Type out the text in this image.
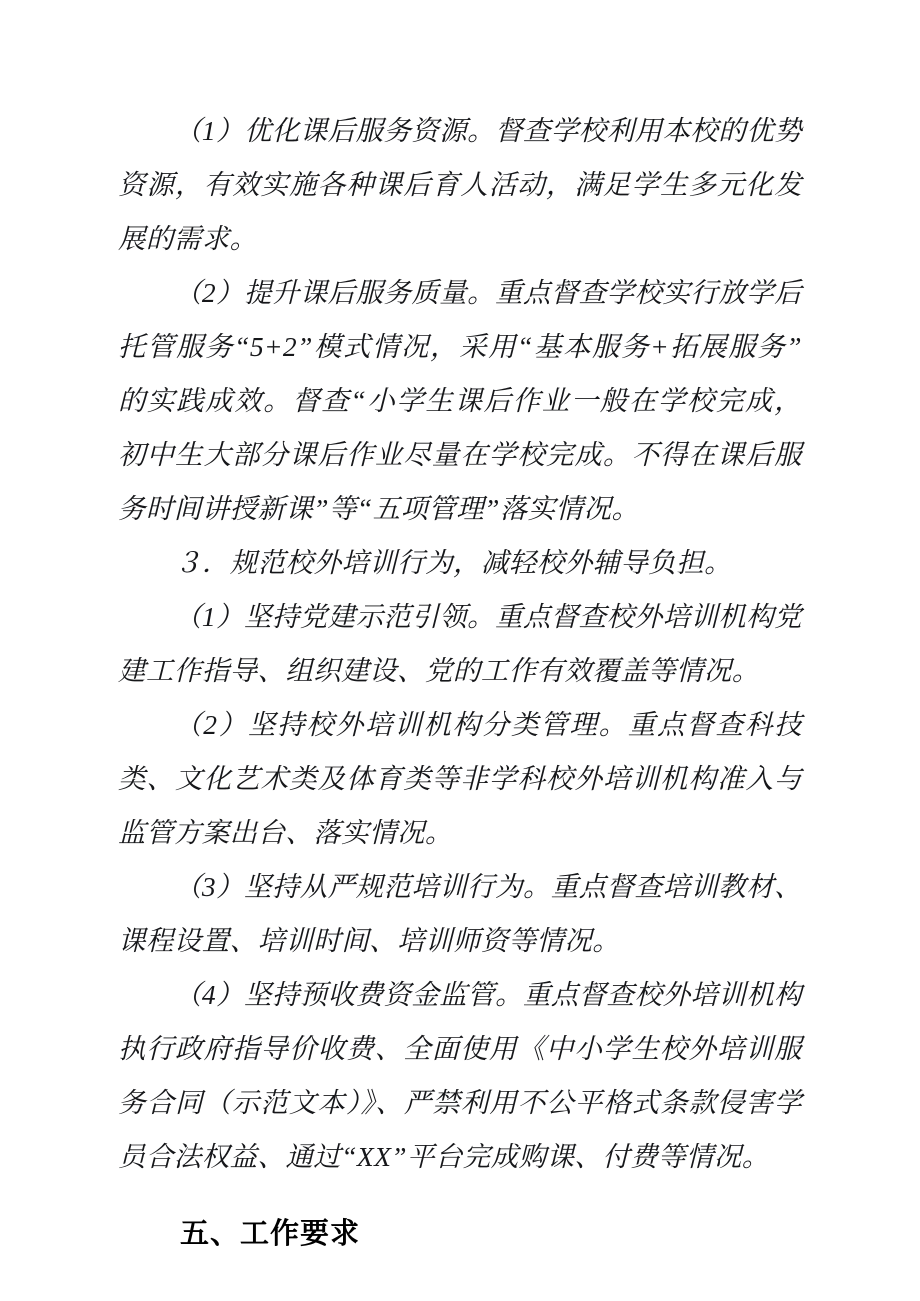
（1）优化课后服务资源。督查学校利用本校的优势资源，有效实施各种课后育人活动，满足学生多元化发展的需求。

（2）提升课后服务质量。重点督查学校实行放学后托管服务“5+2”模式情况，采用“基本服务+拓展服务”的实践成效。督查“小学生课后作业一般在学校完成，初中生大部分课后作业尽量在学校完成。不得在课后服务时间讲授新课”等“五项管理”落实情况。

３．规范校外培训行为，减轻校外辅导负担。

（1）坚持党建示范引领。重点督查校外培训机构党建工作指导、组织建设、党的工作有效覆盖等情况。

（2）坚持校外培训机构分类管理。重点督查科技类、文化艺术类及体育类等非学科校外培训机构准入与监管方案出台、落实情况。

（3）坚持从严规范培训行为。重点督查培训教材、课程设置、培训时间、培训师资等情况。

（4）坚持预收费资金监管。重点督查校外培训机构执行政府指导价收费、全面使用《中小学生校外培训服务合同（示范文本）》、严禁利用不公平格式条款侵害学员合法权益、通过“XX”平台完成购课、付费等情况。

五、工作要求
